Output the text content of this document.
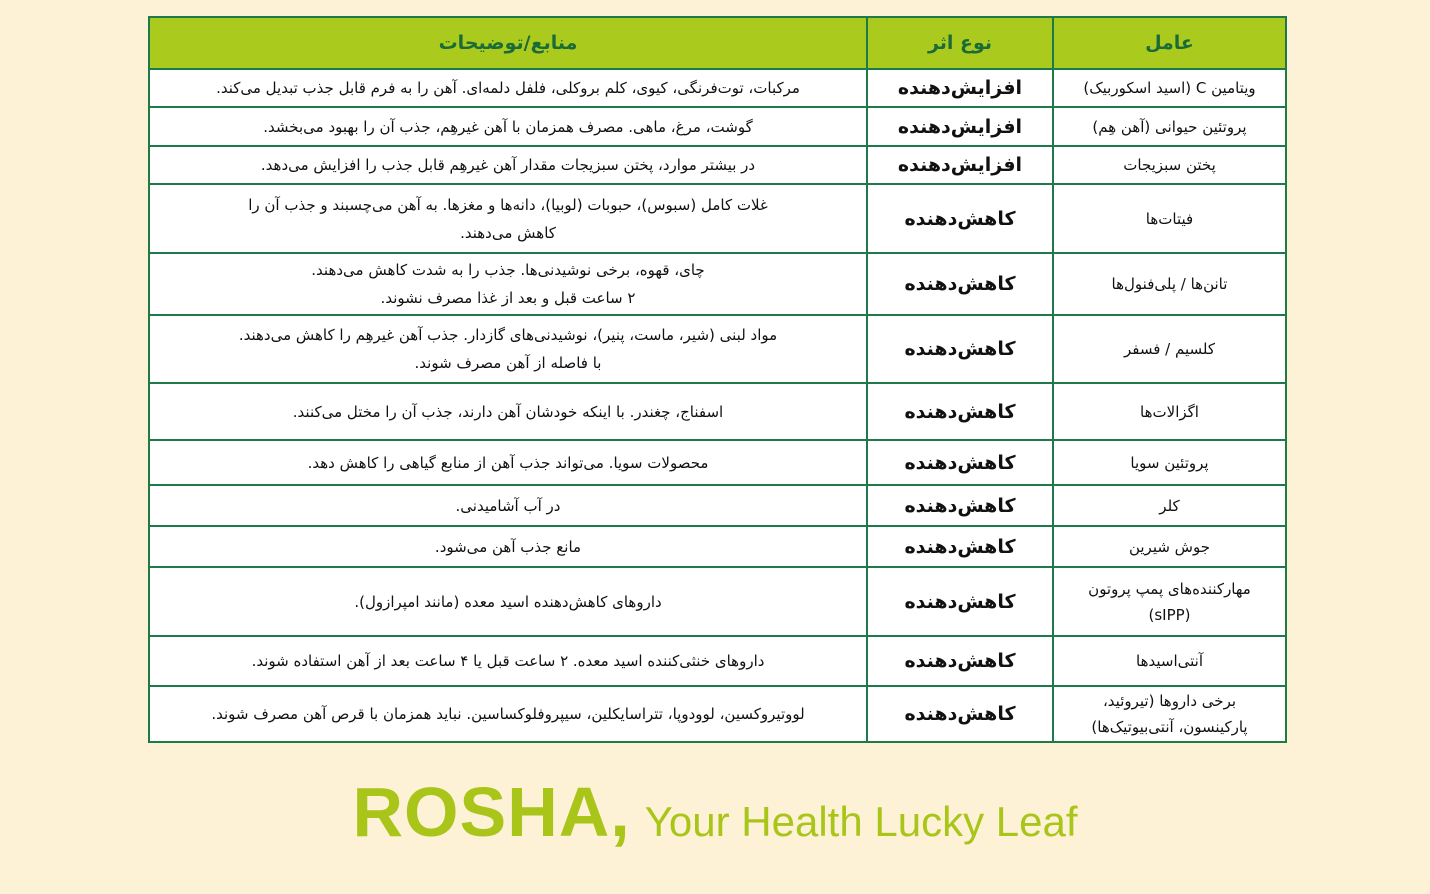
عامل	نوع اثر	منابع/توضیحات

ویتامین C (اسید اسکوربیک)	افزایش‌دهنده	مرکبات، توت‌فرنگی، کیوی، کلم بروکلی، فلفل دلمه‌ای. آهن را به فرم قابل جذب تبدیل می‌کند.

پروتئین حیوانی (آهن هِم)	افزایش‌دهنده	گوشت، مرغ، ماهی. مصرف همزمان با آهن غیرهِم، جذب آن را بهبود می‌بخشد.

پختن سبزیجات	افزایش‌دهنده	در بیشتر موارد، پختن سبزیجات مقدار آهن غیرهِم قابل جذب را افزایش می‌دهد.

فیتات‌ها	کاهش‌دهنده	غلات کامل (سبوس)، حبوبات (لوبیا)، دانه‌ها و مغزها. به آهن می‌چسبند و جذب آن را
کاهش می‌دهند.

تانن‌ها / پلی‌فنول‌ها	کاهش‌دهنده	چای، قهوه، برخی نوشیدنی‌ها. جذب را به شدت کاهش می‌دهند.
۲ ساعت قبل و بعد از غذا مصرف نشوند.

کلسیم / فسفر	کاهش‌دهنده	مواد لبنی (شیر، ماست، پنیر)، نوشیدنی‌های گازدار. جذب آهن غیرهِم را کاهش می‌دهند.
با فاصله از آهن مصرف شوند.

اگزالات‌ها	کاهش‌دهنده	اسفناج، چغندر. با اینکه خودشان آهن دارند، جذب آن را مختل می‌کنند.

پروتئین سویا	کاهش‌دهنده	محصولات سویا. می‌تواند جذب آهن از منابع گیاهی را کاهش دهد.

کلر	کاهش‌دهنده	در آب آشامیدنی.

جوش شیرین	کاهش‌دهنده	مانع جذب آهن می‌شود.

مهارکننده‌های پمپ پروتون
(sIPP)	کاهش‌دهنده	داروهای کاهش‌دهنده اسید معده (مانند امپرازول).

آنتی‌اسیدها	کاهش‌دهنده	داروهای خنثی‌کننده اسید معده. ۲ ساعت قبل یا ۴ ساعت بعد از آهن استفاده شوند.

برخی داروها (تیروئید،
پارکینسون، آنتی‌بیوتیک‌ها)	کاهش‌دهنده	لووتیروکسین، لوودوپا، تتراسایکلین، سیپروفلوکساسین. نباید همزمان با قرص آهن مصرف شوند.
ROSHA, Your Health Lucky Leaf
